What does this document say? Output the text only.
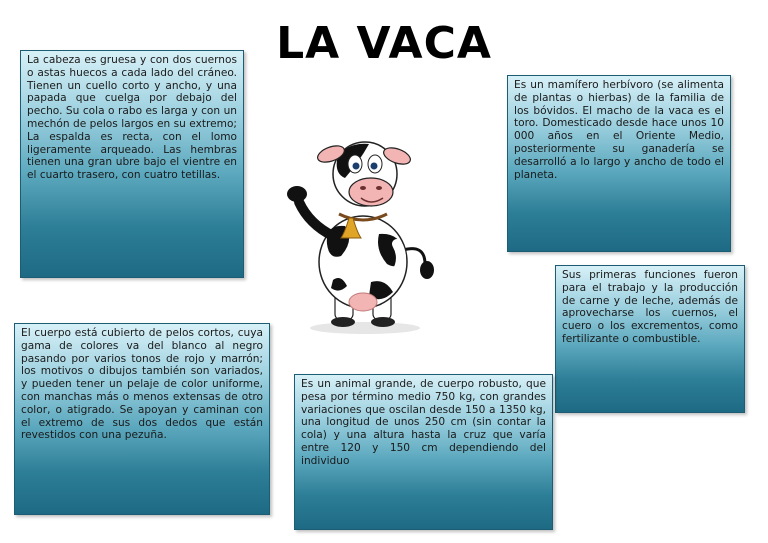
LA VACA
La cabeza es gruesa y con dos cuernos o astas huecos a cada lado del cráneo. Tienen un cuello corto y ancho, y una papada que cuelga por debajo del pecho. Su cola o rabo es larga y con un mechón de pelos largos en su extremo; La espalda es recta, con el lomo ligeramente arqueado. Las hembras tienen una gran ubre bajo el vientre en el cuarto trasero, con cuatro tetillas.
Es un mamífero herbívoro (se alimenta de plantas o hierbas) de la familia de los bóvidos. El macho de la vaca es el toro. Domesticado desde hace unos 10 000 años en el Oriente Medio, posteriormente su ganadería se desarrolló a lo largo y ancho de todo el planeta.
Sus primeras funciones fueron para el trabajo y la producción de carne y de leche, además de aprovecharse los cuernos, el cuero o los excrementos, como fertilizante o combustible.
El cuerpo está cubierto de pelos cortos, cuya gama de colores va del blanco al negro pasando por varios tonos de rojo y marrón; los motivos o dibujos también son variados, y pueden tener un pelaje de color uniforme, con manchas más o menos extensas de otro color, o atigrado. Se apoyan y caminan con el extremo de sus dos dedos que están revestidos con una pezuña.
Es un animal grande, de cuerpo robusto, que pesa por término medio 750 kg, con grandes variaciones que oscilan desde 150 a 1350 kg, una longitud de unos 250 cm (sin contar la cola) y una altura hasta la cruz que varía entre 120 y 150 cm dependiendo del individuo
